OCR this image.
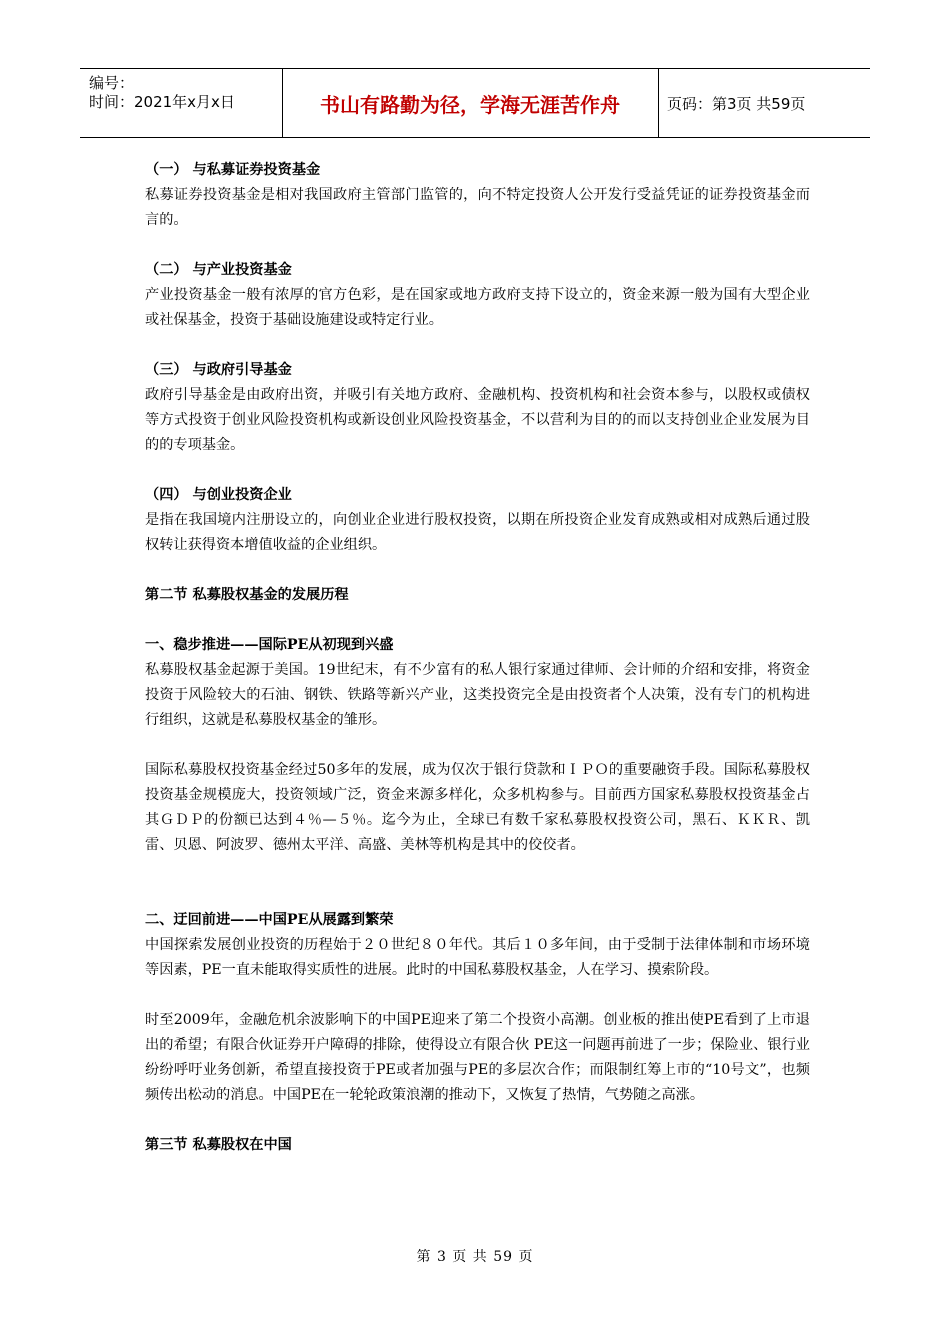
编号：
时间：2021年x月x日	书山有路勤为径，学海无涯苦作舟	页码：第3页 共59页

（一） 与私募证券投资基金

私募证券投资基金是相对我国政府主管部门监管的，向不特定投资人公开发行受益凭证的证券投资基金而言的。

（二） 与产业投资基金

产业投资基金一般有浓厚的官方色彩，是在国家或地方政府支持下设立的，资金来源一般为国有大型企业或社保基金，投资于基础设施建设或特定行业。

（三） 与政府引导基金

政府引导基金是由政府出资，并吸引有关地方政府、金融机构、投资机构和社会资本参与，以股权或债权等方式投资于创业风险投资机构或新设创业风险投资基金，不以营利为目的的而以支持创业企业发展为目的的专项基金。

（四） 与创业投资企业

是指在我国境内注册设立的，向创业企业进行股权投资，以期在所投资企业发育成熟或相对成熟后通过股权转让获得资本增值收益的企业组织。

第二节 私募股权基金的发展历程

一、稳步推进——国际PE从初现到兴盛

私募股权基金起源于美国。19世纪末，有不少富有的私人银行家通过律师、会计师的介绍和安排，将资金投资于风险较大的石油、钢铁、铁路等新兴产业，这类投资完全是由投资者个人决策，没有专门的机构进行组织，这就是私募股权基金的雏形。

国际私募股权投资基金经过50多年的发展，成为仅次于银行贷款和ＩＰＯ的重要融资手段。国际私募股权投资基金规模庞大，投资领域广泛，资金来源多样化，众多机构参与。目前西方国家私募股权投资基金占其ＧＤＰ的份额已达到４％—５％。迄今为止，全球已有数千家私募股权投资公司，黑石、ＫＫＲ、凯雷、贝恩、阿波罗、德州太平洋、高盛、美林等机构是其中的佼佼者。

二、迂回前进——中国PE从展露到繁荣

中国探索发展创业投资的历程始于２０世纪８０年代。其后１０多年间，由于受制于法律体制和市场环境等因素，PE一直未能取得实质性的进展。此时的中国私募股权基金，人在学习、摸索阶段。

时至2009年，金融危机余波影响下的中国PE迎来了第二个投资小高潮。创业板的推出使PE看到了上市退出的希望；有限合伙证券开户障碍的排除，使得设立有限合伙 PE这一问题再前进了一步；保险业、银行业纷纷呼吁业务创新，希望直接投资于PE或者加强与PE的多层次合作；而限制红筹上市的“10号文”，也频频传出松动的消息。中国PE在一轮轮政策浪潮的推动下，又恢复了热情，气势随之高涨。

第三节 私募股权在中国

第 3 页 共 59 页
